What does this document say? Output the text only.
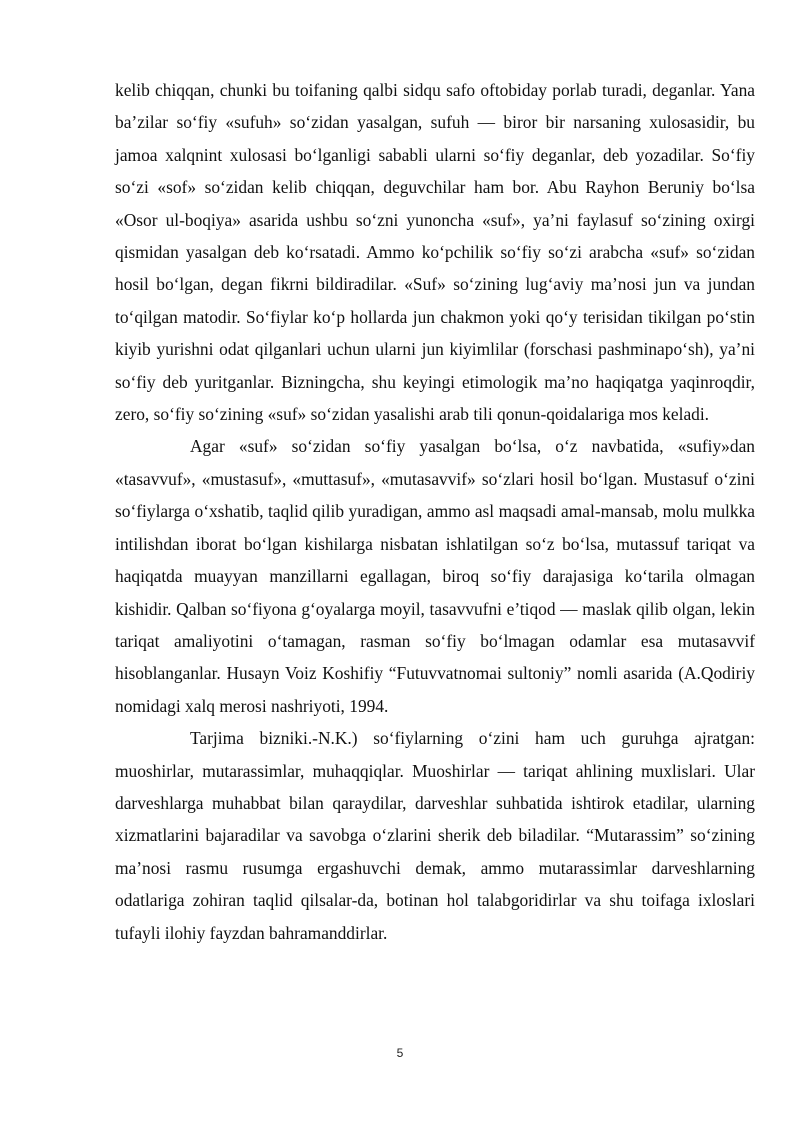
kelib chiqqan, chunki bu toifaning qalbi sidqu safo oftobiday porlab turadi, deganlar. Yana ba’zilar so‘fiy «sufuh» so‘zidan yasalgan, sufuh — biror bir narsaning xulosasidir, bu jamoa xalqnint xulosasi bo‘lganligi sababli ularni so‘fiy deganlar, deb yozadilar. So‘fiy so‘zi «sof» so‘zidan kelib chiqqan, deguvchilar ham bor. Abu Rayhon Beruniy bo‘lsa «Osor ul-boqiya» asarida ushbu so‘zni yunoncha «suf», ya’ni faylasuf so‘zining oxirgi qismidan yasalgan deb ko‘rsatadi. Ammo ko‘pchilik so‘fiy so‘zi arabcha «suf» so‘zidan hosil bo‘lgan, degan fikrni bildiradilar. «Suf» so‘zining lug‘aviy ma’nosi jun va jundan to‘qilgan matodir. So‘fiylar ko‘p hollarda jun chakmon yoki qo‘y terisidan tikilgan po‘stin kiyib yurishni odat qilganlari uchun ularni jun kiyimlilar (forschasi pashminapo‘sh), ya’ni so‘fiy deb yuritganlar. Bizningcha, shu keyingi etimologik ma’no haqiqatga yaqinroqdir, zero, so‘fiy so‘zining «suf» so‘zidan yasalishi arab tili qonun-qoidalariga mos keladi.

Agar «suf» so‘zidan so‘fiy yasalgan bo‘lsa, o‘z navbatida, «sufiy»dan «tasavvuf», «mustasuf», «muttasuf», «mutasavvif» so‘zlari hosil bo‘lgan. Mustasuf o‘zini so‘fiylarga o‘xshatib, taqlid qilib yuradigan, ammo asl maqsadi amal-mansab, molu mulkka intilishdan iborat bo‘lgan kishilarga nisbatan ishlatilgan so‘z bo‘lsa, mutassuf tariqat va haqiqatda muayyan manzillarni egallagan, biroq so‘fiy darajasiga ko‘tarila olmagan kishidir. Qalban so‘fiyona g‘oyalarga moyil, tasavvufni e’tiqod — maslak qilib olgan, lekin tariqat amaliyotini o‘tamagan, rasman so‘fiy bo‘lmagan odamlar esa mutasavvif hisoblanganlar. Husayn Voiz Koshifiy “Futuvvatnomai sultoniy” nomli asarida (A.Qodiriy nomidagi xalq merosi nashriyoti, 1994.

Tarjima bizniki.-N.K.) so‘fiylarning o‘zini ham uch guruhga ajratgan: muoshirlar, mutarassimlar, muhaqqiqlar. Muoshirlar — tariqat ahlining muxlislari. Ular darveshlarga muhabbat bilan qaraydilar, darveshlar suhbatida ishtirok etadilar, ularning xizmatlarini bajaradilar va savobga o‘zlarini sherik deb biladilar. “Mutarassim” so‘zining ma’nosi rasmu rusumga ergashuvchi demak, ammo mutarassimlar darveshlarning odatlariga zohiran taqlid qilsalar-da, botinan hol talabgoridirlar va shu toifaga ixloslari tufayli ilohiy fayzdan bahramanddirlar.

5
